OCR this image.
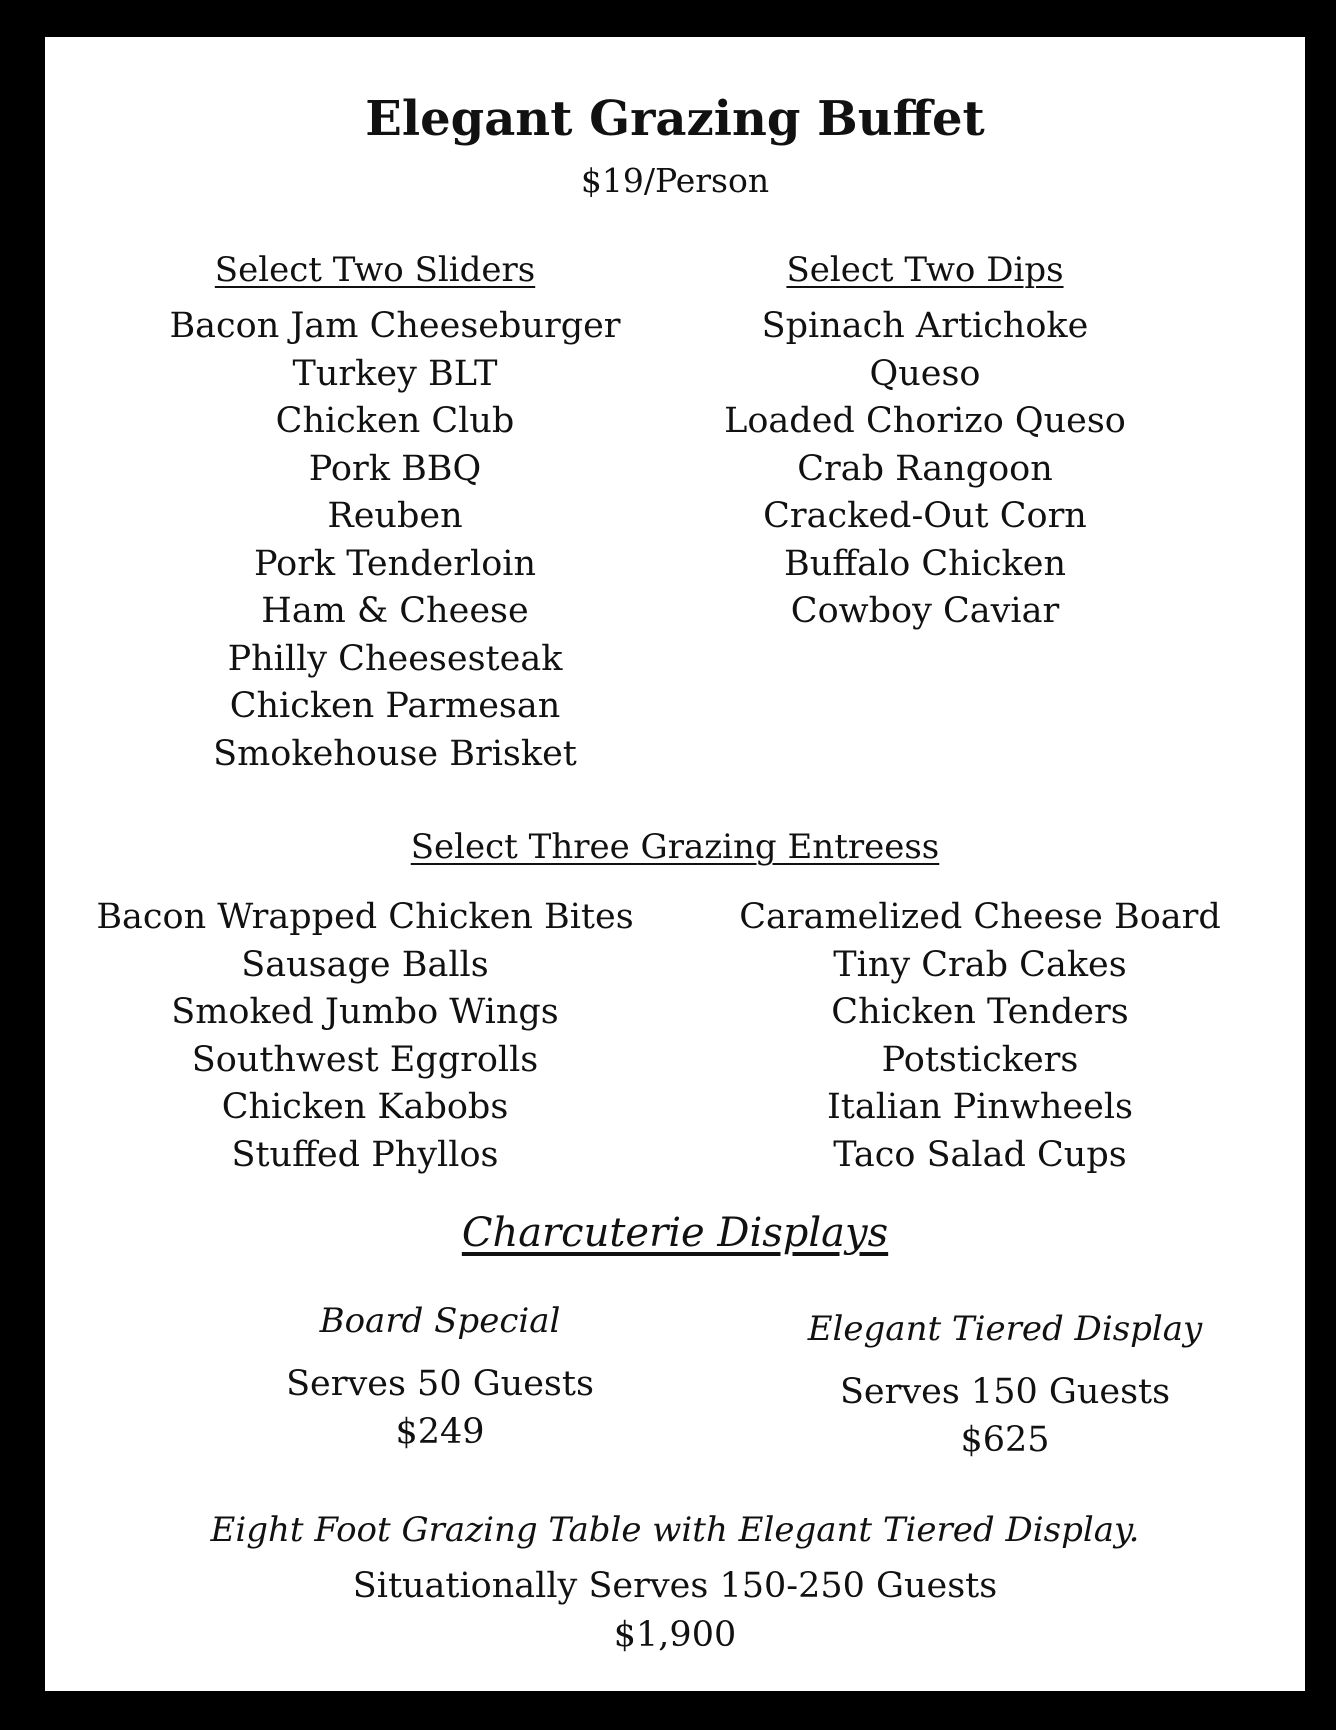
Elegant Grazing Buffet
$19/Person
Select Two Sliders
Bacon Jam Cheeseburger
Turkey BLT
Chicken Club
Pork BBQ
Reuben
Pork Tenderloin
Ham & Cheese
Philly Cheesesteak
Chicken Parmesan
Smokehouse Brisket
Select Two Dips
Spinach Artichoke
Queso
Loaded Chorizo Queso
Crab Rangoon
Cracked-Out Corn
Buffalo Chicken
Cowboy Caviar
Select Three Grazing Entreess
Bacon Wrapped Chicken Bites
Sausage Balls
Smoked Jumbo Wings
Southwest Eggrolls
Chicken Kabobs
Stuffed Phyllos
Caramelized Cheese Board
Tiny Crab Cakes
Chicken Tenders
Potstickers
Italian Pinwheels
Taco Salad Cups
Charcuterie Displays
Board Special
Serves 50 Guests
$249
Elegant Tiered Display
Serves 150 Guests
$625
Eight Foot Grazing Table with Elegant Tiered Display.
Situationally Serves 150-250 Guests
$1,900
